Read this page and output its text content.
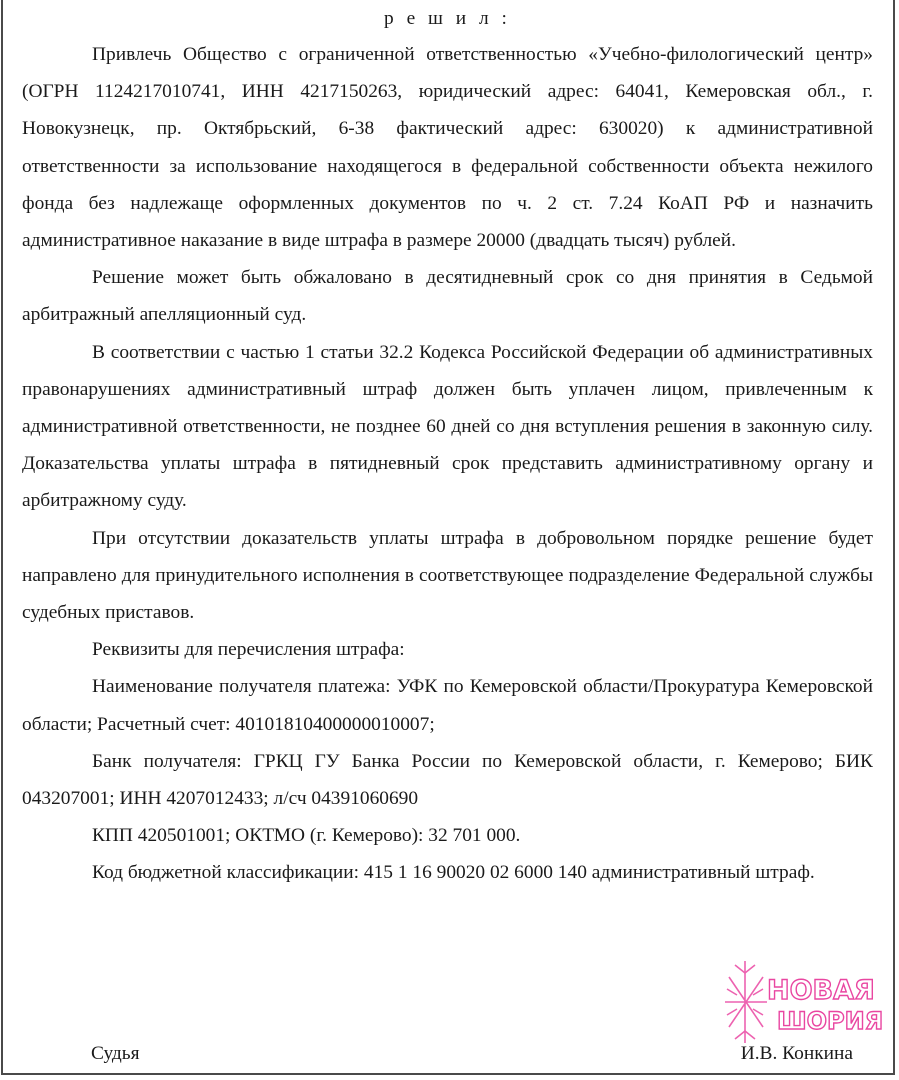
р е ш и л :

Привлечь Общество с ограниченной ответственностью «Учебно-филологический центр» (ОГРН 1124217010741, ИНН 4217150263, юридический адрес: 64041, Кемеровская обл., г. Новокузнецк, пр. Октябрьский, 6-38 фактический адрес: 630020) к административной ответственности за использование находящегося в федеральной собственности объекта нежилого фонда без надлежаще оформленных документов по ч. 2 ст. 7.24 КоАП РФ и назначить административное наказание в виде штрафа в размере 20000 (двадцать тысяч) рублей.

Решение может быть обжаловано в десятидневный срок со дня принятия в Седьмой арбитражный апелляционный суд.

В соответствии с частью 1 статьи 32.2 Кодекса Российской Федерации об административных правонарушениях административный штраф должен быть уплачен лицом, привлеченным к административной ответственности, не позднее 60 дней со дня вступления решения в законную силу. Доказательства уплаты штрафа в пятидневный срок представить административному органу и арбитражному суду.

При отсутствии доказательств уплаты штрафа в добровольном порядке решение будет направлено для принудительного исполнения в соответствующее подразделение Федеральной службы судебных приставов.

Реквизиты для перечисления штрафа:

Наименование получателя платежа: УФК по Кемеровской области/Прокуратура Кемеровской области; Расчетный счет: 40101810400000010007;

Банк получателя: ГРКЦ ГУ Банка России по Кемеровской области, г. Кемерово; БИК 043207001; ИНН 4207012433; л/сч 04391060690

КПП 420501001; ОКТМО (г. Кемерово): 32 701 000.

Код бюджетной классификации: 415 1 16 90020 02 6000 140 административный штраф.

Судья	И.В. Конкина
НОВАЯ
ШОРИЯ
